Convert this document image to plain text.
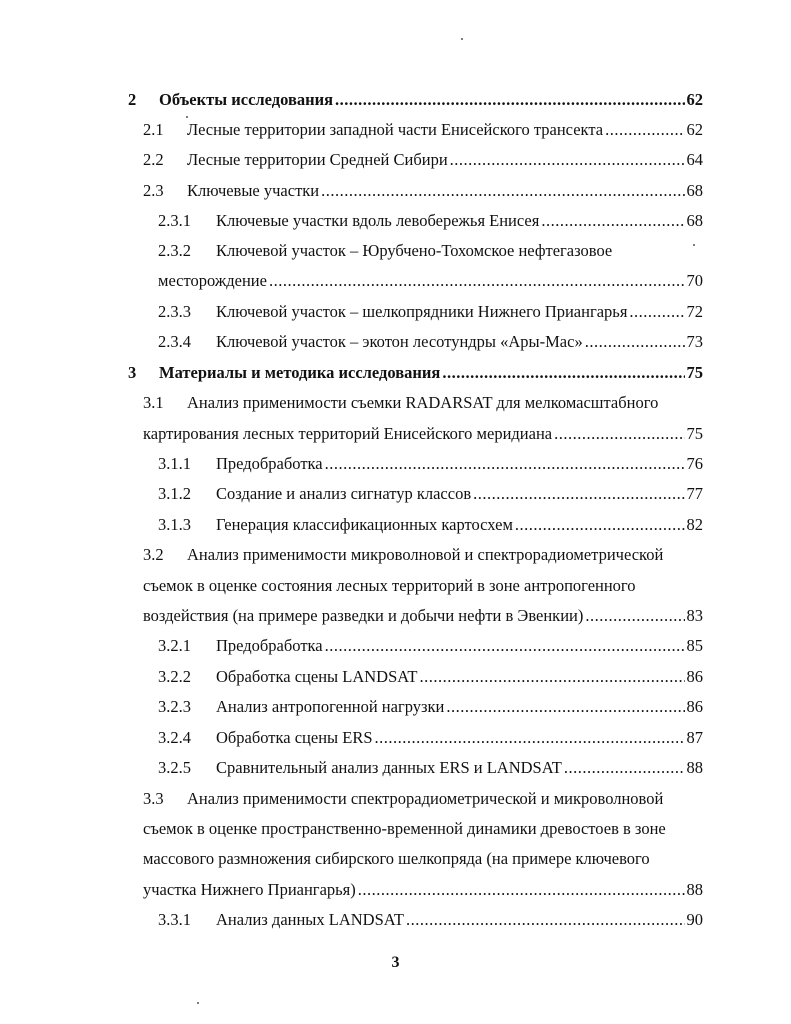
2	Объекты исследования .....	62
2.1	Лесные территории западной части Енисейского трансекта .....	62
2.2	Лесные территории Средней Сибири .....	64
2.3	Ключевые участки .....	68
2.3.1	Ключевые участки вдоль левобережья Енисея .....	68
2.3.2	Ключевой участок – Юрубчено-Тохомское нефтегазовое
месторождение .....	70
2.3.3	Ключевой участок – шелкопрядники Нижнего Приангарья .....	72
2.3.4	Ключевой участок – экотон лесотундры «Ары-Мас» .....	73
3	Материалы и методика исследования .....	75
3.1	Анализ применимости съемки RADARSAT для мелкомасштабного
картирования лесных территорий Енисейского меридиана .....	75
3.1.1	Предобработка .....	76
3.1.2	Создание и анализ сигнатур классов .....	77
3.1.3	Генерация классификационных картосхем .....	82
3.2	Анализ применимости микроволновой и спектрорадиометрической
съемок в оценке состояния лесных территорий в зоне антропогенного
воздействия (на примере разведки и добычи нефти в Эвенкии) .....	83
3.2.1	Предобработка .....	85
3.2.2	Обработка сцены LANDSAT .....	86
3.2.3	Анализ антропогенной нагрузки .....	86
3.2.4	Обработка сцены ERS .....	87
3.2.5	Сравнительный анализ данных ERS и LANDSAT .....	88
3.3	Анализ применимости спектрорадиометрической и микроволновой
съемок в оценке пространственно-временной динамики древостоев в зоне
массового размножения сибирского шелкопряда (на примере ключевого
участка Нижнего Приангарья) .....	88
3.3.1	Анализ данных LANDSAT .....	90
3
